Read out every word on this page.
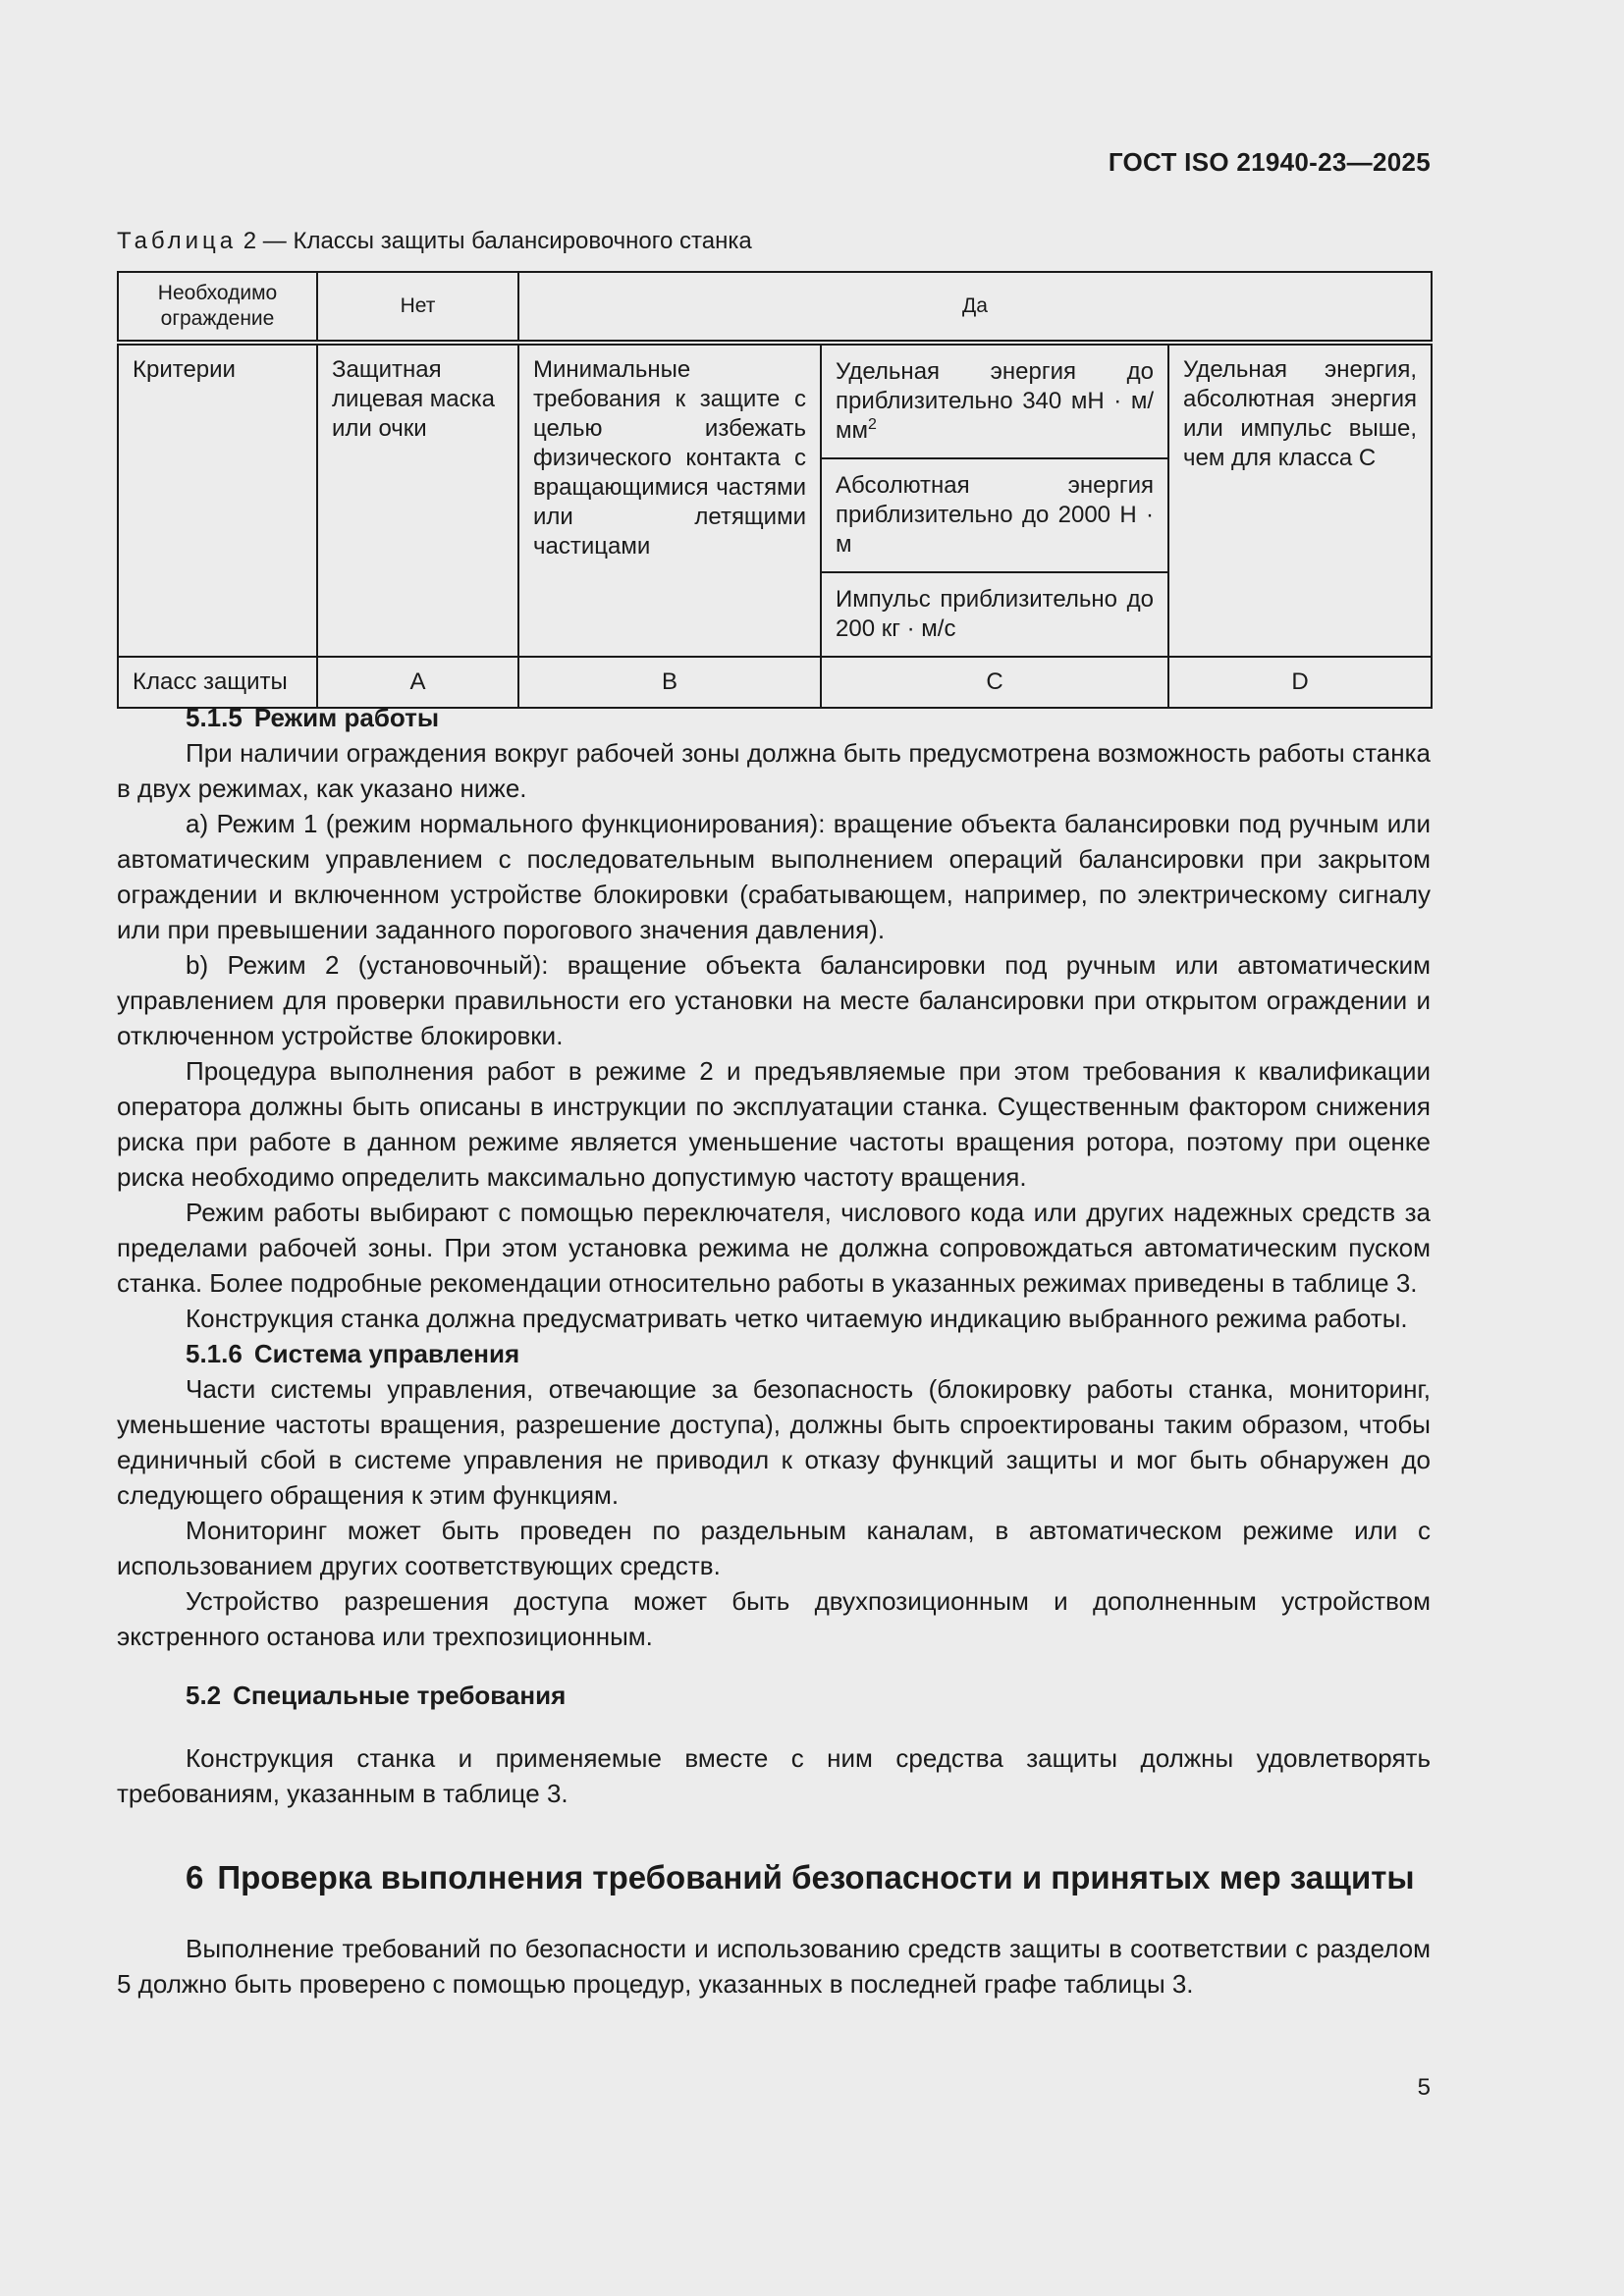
ГОСТ ISO 21940-23—2025
Таблица 2 — Классы защиты балансировочного станка
Необходимо ограждение	Нет	Да		
Критерии	Защитная лицевая маска или очки	Минимальные требования к защите с целью избежать физического контакта с вращающимися частями или летящими частицами	Удельная энергия до приблизительно 340 мН · $м/мм^2$	Удельная энергия, абсолютная энергия или импульс выше, чем для класса С
			Абсолютная энергия приблизительно до 2000 Н · м	
			Импульс приблизительно до 200 кг · м/с	
Класс защиты	A	B	C	D
5.1.5 Режим работы

При наличии ограждения вокруг рабочей зоны должна быть предусмотрена возможность работы станка в двух режимах, как указано ниже.

a) Режим 1 (режим нормального функционирования): вращение объекта балансировки под ручным или автоматическим управлением с последовательным выполнением операций балансировки при закрытом ограждении и включенном устройстве блокировки (срабатывающем, например, по электрическому сигналу или при превышении заданного порогового значения давления).

b) Режим 2 (установочный): вращение объекта балансировки под ручным или автоматическим управлением для проверки правильности его установки на месте балансировки при открытом ограждении и отключенном устройстве блокировки.

Процедура выполнения работ в режиме 2 и предъявляемые при этом требования к квалификации оператора должны быть описаны в инструкции по эксплуатации станка. Существенным фактором снижения риска при работе в данном режиме является уменьшение частоты вращения ротора, поэтому при оценке риска необходимо определить максимально допустимую частоту вращения.

Режим работы выбирают с помощью переключателя, числового кода или других надежных средств за пределами рабочей зоны. При этом установка режима не должна сопровождаться автоматическим пуском станка. Более подробные рекомендации относительно работы в указанных режимах приведены в таблице 3.

Конструкция станка должна предусматривать четко читаемую индикацию выбранного режима работы.

5.1.6 Система управления

Части системы управления, отвечающие за безопасность (блокировку работы станка, мониторинг, уменьшение частоты вращения, разрешение доступа), должны быть спроектированы таким образом, чтобы единичный сбой в системе управления не приводил к отказу функций защиты и мог быть обнаружен до следующего обращения к этим функциям.

Мониторинг может быть проведен по раздельным каналам, в автоматическом режиме или с использованием других соответствующих средств.

Устройство разрешения доступа может быть двухпозиционным и дополненным устройством экстренного останова или трехпозиционным.

5.2 Специальные требования

Конструкция станка и применяемые вместе с ним средства защиты должны удовлетворять требованиям, указанным в таблице 3.

6 Проверка выполнения требований безопасности и принятых мер защиты

Выполнение требований по безопасности и использованию средств защиты в соответствии с разделом 5 должно быть проверено с помощью процедур, указанных в последней графе таблицы 3.

5
